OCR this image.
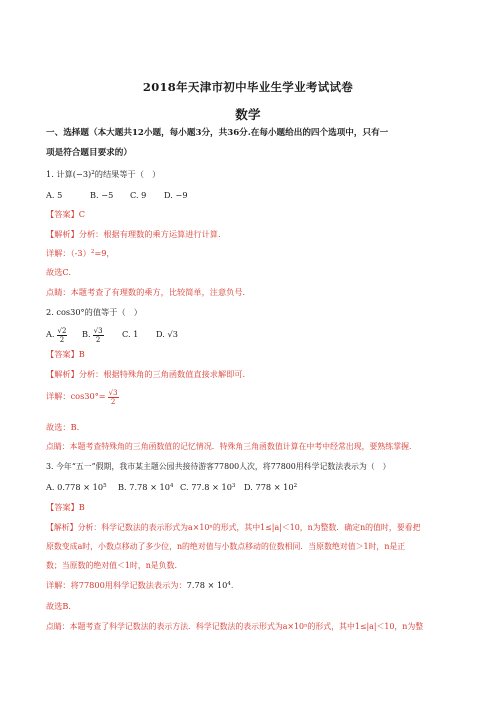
2018年天津市初中毕业生学业考试试卷
数学
一、选择题（本大题共12小题，每小题3分，共36分.在每小题给出的四个选项中，只有一
项是符合题目要求的）
1. 计算$(-3)^2$的结果等于（　）
A. 5	B. −5 C. 9 D. −9
【答案】C
【解析】分析：根据有理数的乘方运算进行计算.
详解：$(-3)^2=9$，
故选C.
点睛：本题考查了有理数的乘方，比较简单，注意负号.
2. cos30°的值等于（　）
A. $\frac{√2}{2} B$. $\frac{√3}{2} C$. 1 D. √3
【答案】B
【解析】分析：根据特殊角的三角函数值直接求解即可.
详解：$\cos 30^\circ= \frac{√3}{2}$
故选：B.
点睛：本题考查特殊角的三角函数值的记忆情况．特殊角三角函数值计算在中考中经常出现，要熟练掌握.
3. 今年“五一”假期，我市某主题公园共接待游客77800人次，将77800用科学记数法表示为（　）
A. $0.778 \times 10^5$ B. $7.78 \times 10^4$ C. $77.8 \times 10^3$ D. $778 \times 10^2$
【答案】B
【解析】分析：科学记数法的表示形式为a×10ⁿ的形式，其中1≤|a|＜10，n为整数．确定n的值时，要看把
原数变成a时，小数点移动了多少位，n的绝对值与小数点移动的位数相同．当原数绝对值＞1时，n是正
数；当原数的绝对值＜1时，n是负数.
详解：将77800用科学记数法表示为：$7.78 \times 10^4$.
故选B.
点睛：本题考查了科学记数法的表示方法．科学记数法的表示形式为a×10ⁿ的形式，其中1≤|a|＜10，n为整
